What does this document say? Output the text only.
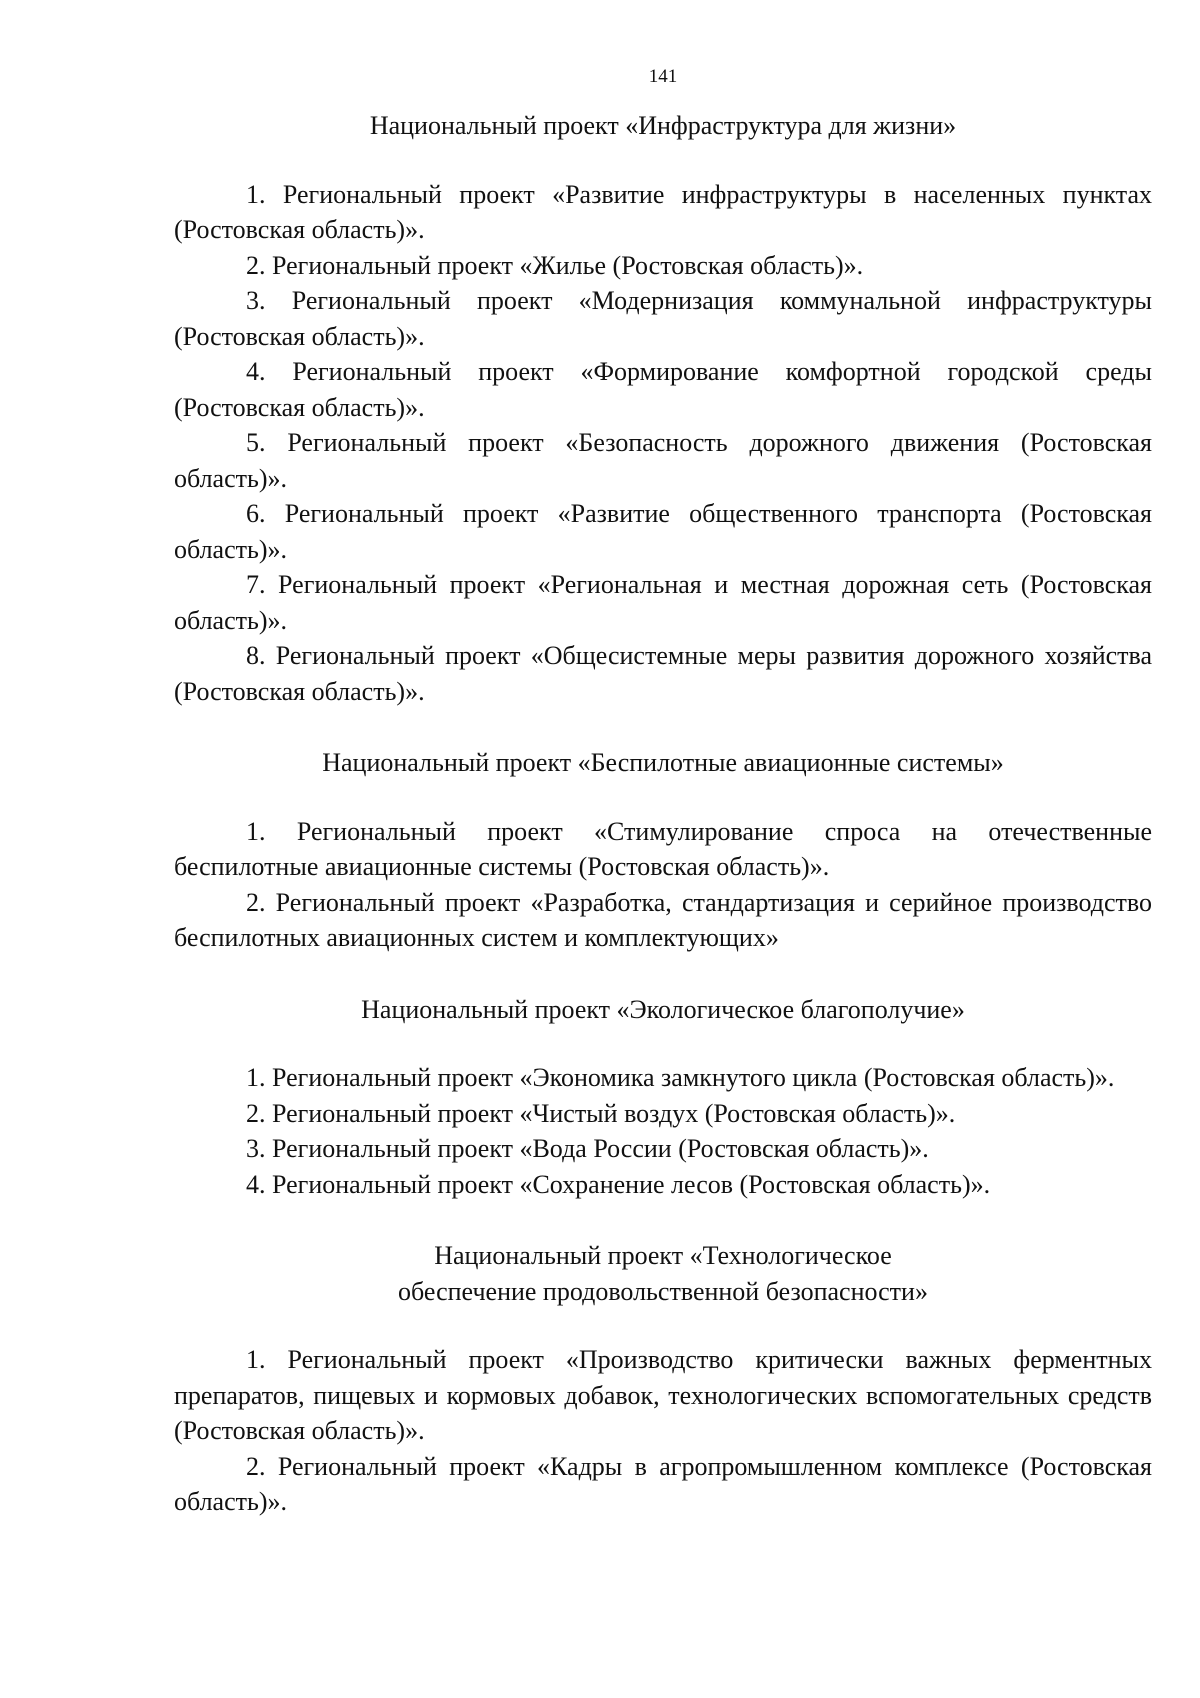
141
Национальный проект «Инфраструктура для жизни»

1. Региональный проект «Развитие инфраструктуры в населенных пунктах (Ростовская область)».

2. Региональный проект «Жилье (Ростовская область)».

3. Региональный проект «Модернизация коммунальной инфраструктуры (Ростовская область)».

4. Региональный проект «Формирование комфортной городской среды (Ростовская область)».

5. Региональный проект «Безопасность дорожного движения (Ростовская область)».

6. Региональный проект «Развитие общественного транспорта (Ростовская область)».

7. Региональный проект «Региональная и местная дорожная сеть (Ростовская область)».

8. Региональный проект «Общесистемные меры развития дорожного хозяйства (Ростовская область)».

Национальный проект «Беспилотные авиационные системы»

1. Региональный проект «Стимулирование спроса на отечественные беспилотные авиационные системы (Ростовская область)».

2. Региональный проект «Разработка, стандартизация и серийное производство беспилотных авиационных систем и комплектующих»

Национальный проект «Экологическое благополучие»

1. Региональный проект «Экономика замкнутого цикла (Ростовская область)».

2. Региональный проект «Чистый воздух (Ростовская область)».

3. Региональный проект «Вода России (Ростовская область)».

4. Региональный проект «Сохранение лесов (Ростовская область)».

Национальный проект «Технологическое
обеспечение продовольственной безопасности»

1. Региональный проект «Производство критически важных ферментных препаратов, пищевых и кормовых добавок, технологических вспомогательных средств (Ростовская область)».

2. Региональный проект «Кадры в агропромышленном комплексе (Ростовская область)».
